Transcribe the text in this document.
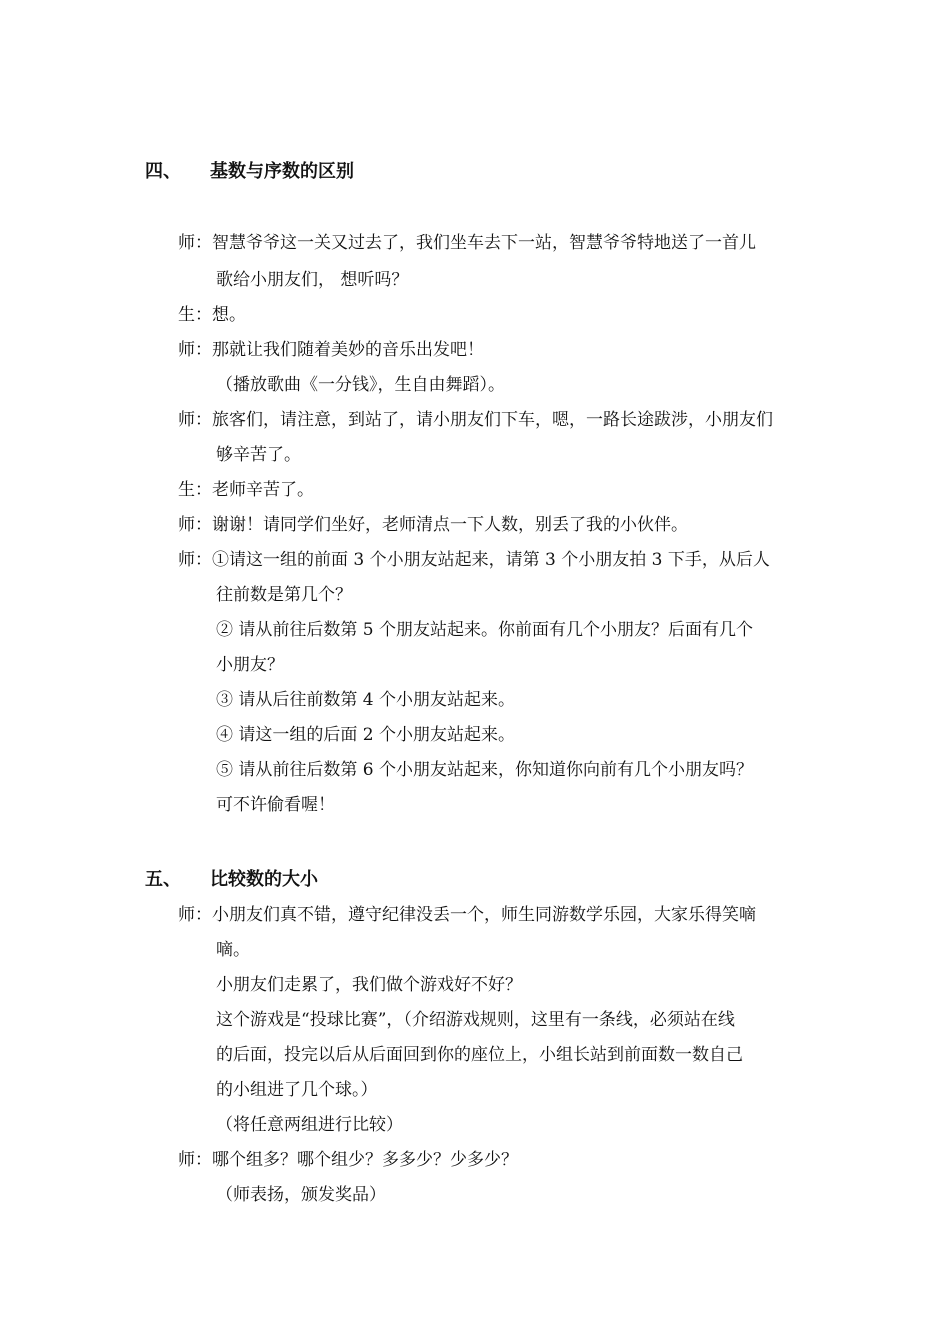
四、 基数与序数的区别
师：智慧爷爷这一关又过去了，我们坐车去下一站，智慧爷爷特地送了一首儿
歌给小朋友们， 想听吗？
生：想。
师：那就让我们随着美妙的音乐出发吧！
（播放歌曲《一分钱》，生自由舞蹈）。
师：旅客们，请注意，到站了，请小朋友们下车，嗯，一路长途跋涉，小朋友们
够辛苦了。
生：老师辛苦了。
师：谢谢！请同学们坐好，老师清点一下人数，别丢了我的小伙伴。
师：①请这一组的前面 3 个小朋友站起来，请第 3 个小朋友拍 3 下手，从后人
往前数是第几个？
② 请从前往后数第 5 个朋友站起来。你前面有几个小朋友？后面有几个
小朋友？
③ 请从后往前数第 4 个小朋友站起来。
④ 请这一组的后面 2 个小朋友站起来。
⑤ 请从前往后数第 6 个小朋友站起来，你知道你向前有几个小朋友吗？
可不许偷看喔！
五、 比较数的大小
师：小朋友们真不错，遵守纪律没丢一个，师生同游数学乐园，大家乐得笑嘀
嘀。
小朋友们走累了，我们做个游戏好不好？
这个游戏是“投球比赛”，（介绍游戏规则，这里有一条线，必须站在线
的后面，投完以后从后面回到你的座位上，小组长站到前面数一数自己
的小组进了几个球。）
（将任意两组进行比较）
师：哪个组多？哪个组少？多多少？少多少？
（师表扬，颁发奖品）
